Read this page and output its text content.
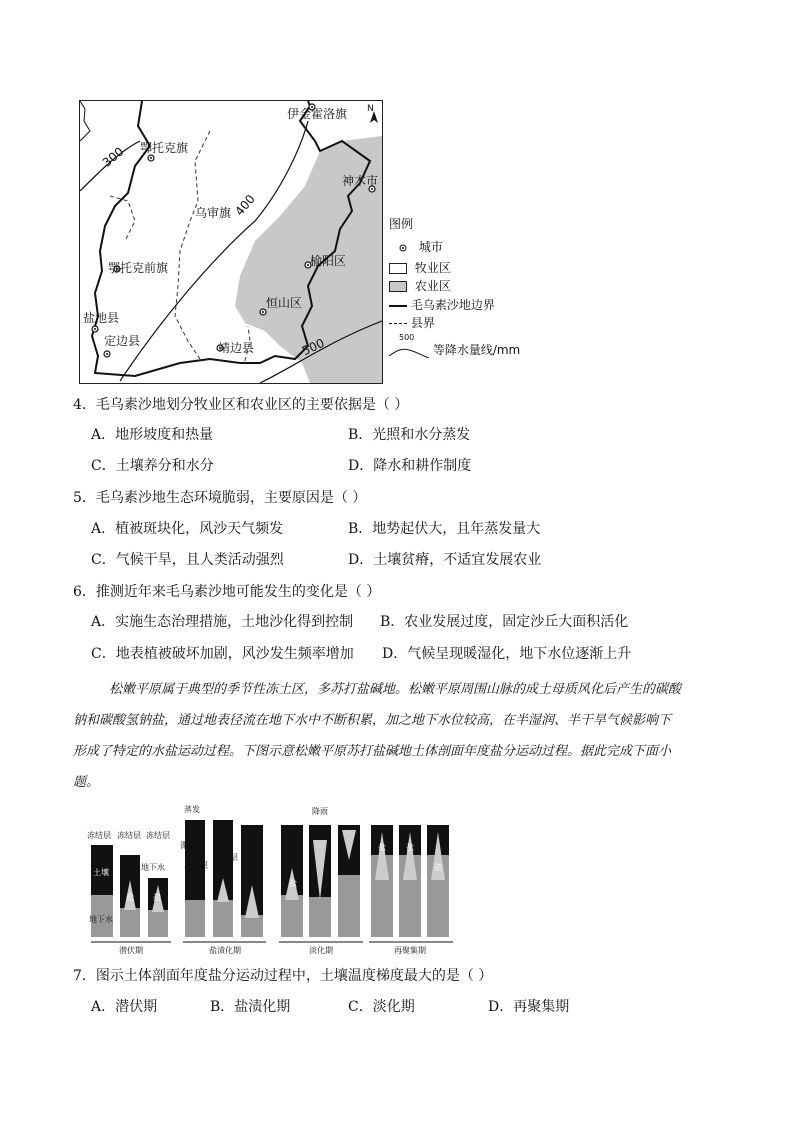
伊金霍洛旗 N
鄂托克旗
神木市
乌审旗
鄂托克前旗	榆阳区
恒山区
盐池县
定边县	靖边县
300
400
500
图例
城市
牧业区
农业区
毛乌素沙地边界
县界

500
等降水量线/mm
4．毛乌素沙地划分牧业区和农业区的主要依据是（ ）
A．地形坡度和热量	B．光照和水分蒸发
C．土壤养分和水分	D．降水和耕作制度
5．毛乌素沙地生态环境脆弱，主要原因是（ ）
A．植被斑块化，风沙天气频发	B．地势起伏大，且年蒸发量大
C．气候干旱，且人类活动强烈	D．土壤贫瘠，不适宜发展农业
6．推测近年来毛乌素沙地可能发生的变化是（ ）
A．实施生态治理措施，土地沙化得到控制 B．农业发展过度，固定沙丘大面积活化
C．地表植被破坏加剧，风沙发生频率增加 D．气候呈现暖湿化，地下水位逐渐上升
松嫩平原属于典型的季节性冻土区，多苏打盐碱地。松嫩平原周围山脉的成土母质风化后产生的碳酸
钠和碳酸氢钠盐，通过地表径流在地下水中不断积累，加之地下水位较高，在半湿润、半干旱气候影响下
形成了特定的水盐运动过程。下图示意松嫩平原苏打盐碱地土体剖面年度盐分运动过程。据此完成下面小
题。
冻结层 冻结层 冻结层
土壤
地下水
地下水
蒸发
滞水层
冻结层
盐结层
降雨
盐 盐
盐
盐	盐
盐
潜伏期	盐渍化期	淡化期	再聚集期
7．图示土体剖面年度盐分运动过程中，土壤温度梯度最大的是（ ）
A．潜伏期	B．盐渍化期	C．淡化期	D．再聚集期
